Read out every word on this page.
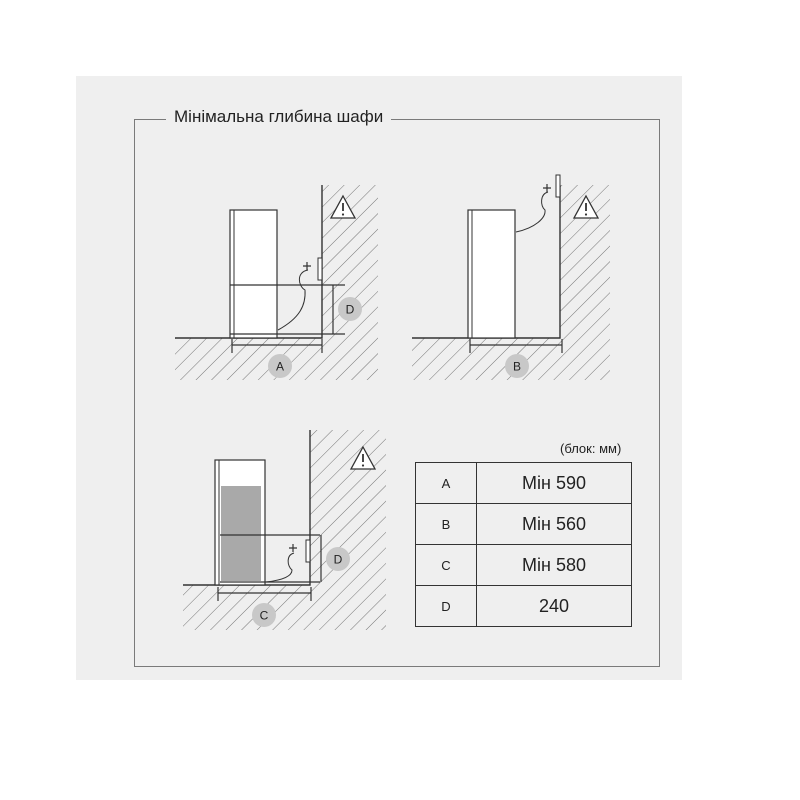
Мінімальна глибина шафи
A
D
B
C
D
(блок: мм)
A	Мін 590
B	Мін 560
C	Мін 580
D	240
